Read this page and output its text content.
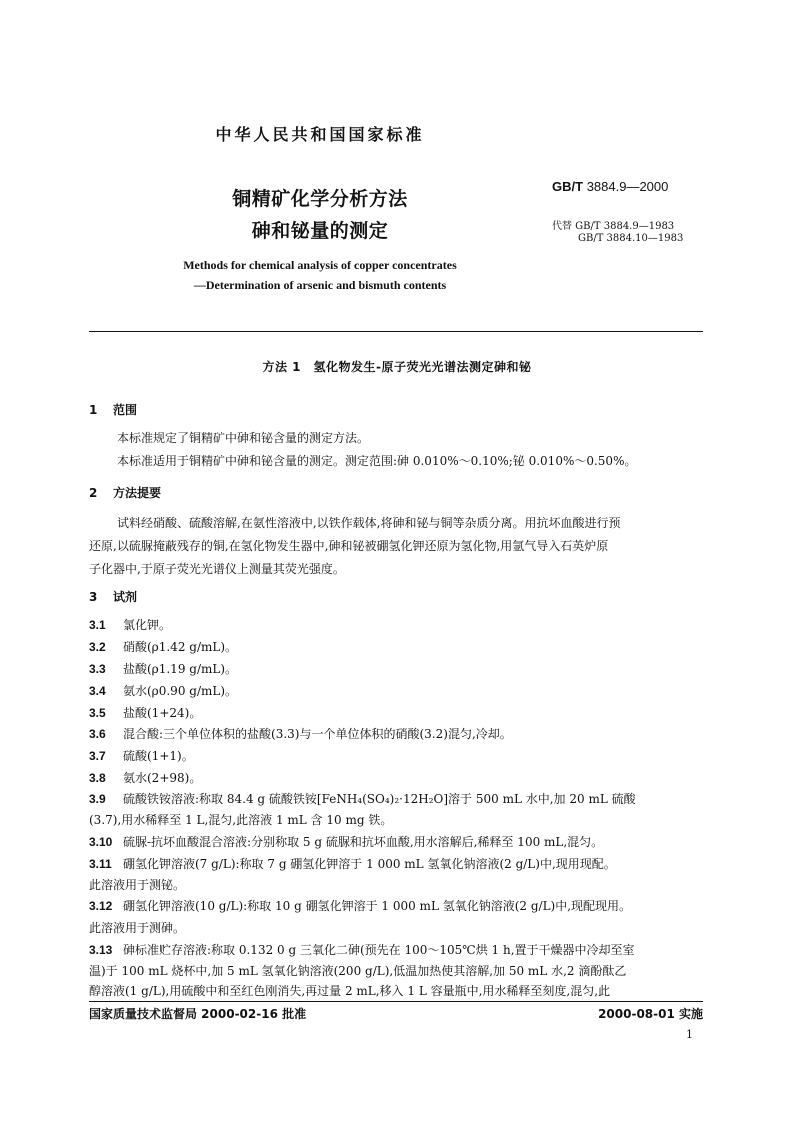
中华人民共和国国家标准
GB/T 3884.9—2000
铜精矿化学分析方法
砷和铋量的测定	代替 GB/T 3884.9—1983
GB/T 3884.10—1983
Methods for chemical analysis of copper concentrates
—Determination of arsenic and bismuth contents
方法 1　氢化物发生-原子荧光光谱法测定砷和铋
1 范围
本标准规定了铜精矿中砷和铋含量的测定方法。
本标准适用于铜精矿中砷和铋含量的测定。测定范围:砷 0.010%～0.10%;铋 0.010%～0.50%。
2 方法提要
试料经硝酸、硫酸溶解,在氨性溶液中,以铁作载体,将砷和铋与铜等杂质分离。用抗坏血酸进行预
还原,以硫脲掩蔽残存的铜,在氢化物发生器中,砷和铋被硼氢化钾还原为氢化物,用氩气导入石英炉原
子化器中,于原子荧光光谱仪上测量其荧光强度。
3 试剂
3.1 氯化钾。
3.2 硝酸(ρ1.42 g/mL)。
3.3 盐酸(ρ1.19 g/mL)。
3.4 氨水(ρ0.90 g/mL)。
3.5 盐酸(1+24)。
3.6 混合酸:三个单位体积的盐酸(3.3)与一个单位体积的硝酸(3.2)混匀,冷却。
3.7 硫酸(1+1)。
3.8 氨水(2+98)。
3.9 硫酸铁铵溶液:称取 84.4 g 硫酸铁铵[FeNH₄(SO₄)₂·12H₂O]溶于 500 mL 水中,加 20 mL 硫酸
(3.7),用水稀释至 1 L,混匀,此溶液 1 mL 含 10 mg 铁。
3.10 硫脲-抗坏血酸混合溶液:分别称取 5 g 硫脲和抗坏血酸,用水溶解后,稀释至 100 mL,混匀。
3.11 硼氢化钾溶液(7 g/L):称取 7 g 硼氢化钾溶于 1 000 mL 氢氧化钠溶液(2 g/L)中,现用现配。
此溶液用于测铋。
3.12 硼氢化钾溶液(10 g/L):称取 10 g 硼氢化钾溶于 1 000 mL 氢氧化钠溶液(2 g/L)中,现配现用。
此溶液用于测砷。
3.13 砷标准贮存溶液:称取 0.132 0 g 三氧化二砷(预先在 100～105℃烘 1 h,置于干燥器中冷却至室
温)于 100 mL 烧杯中,加 5 mL 氢氧化钠溶液(200 g/L),低温加热使其溶解,加 50 mL 水,2 滴酚酞乙
醇溶液(1 g/L),用硫酸中和至红色刚消失,再过量 2 mL,移入 1 L 容量瓶中,用水稀释至刻度,混匀,此
国家质量技术监督局 2000-02-16 批准	2000-08-01 实施
1
